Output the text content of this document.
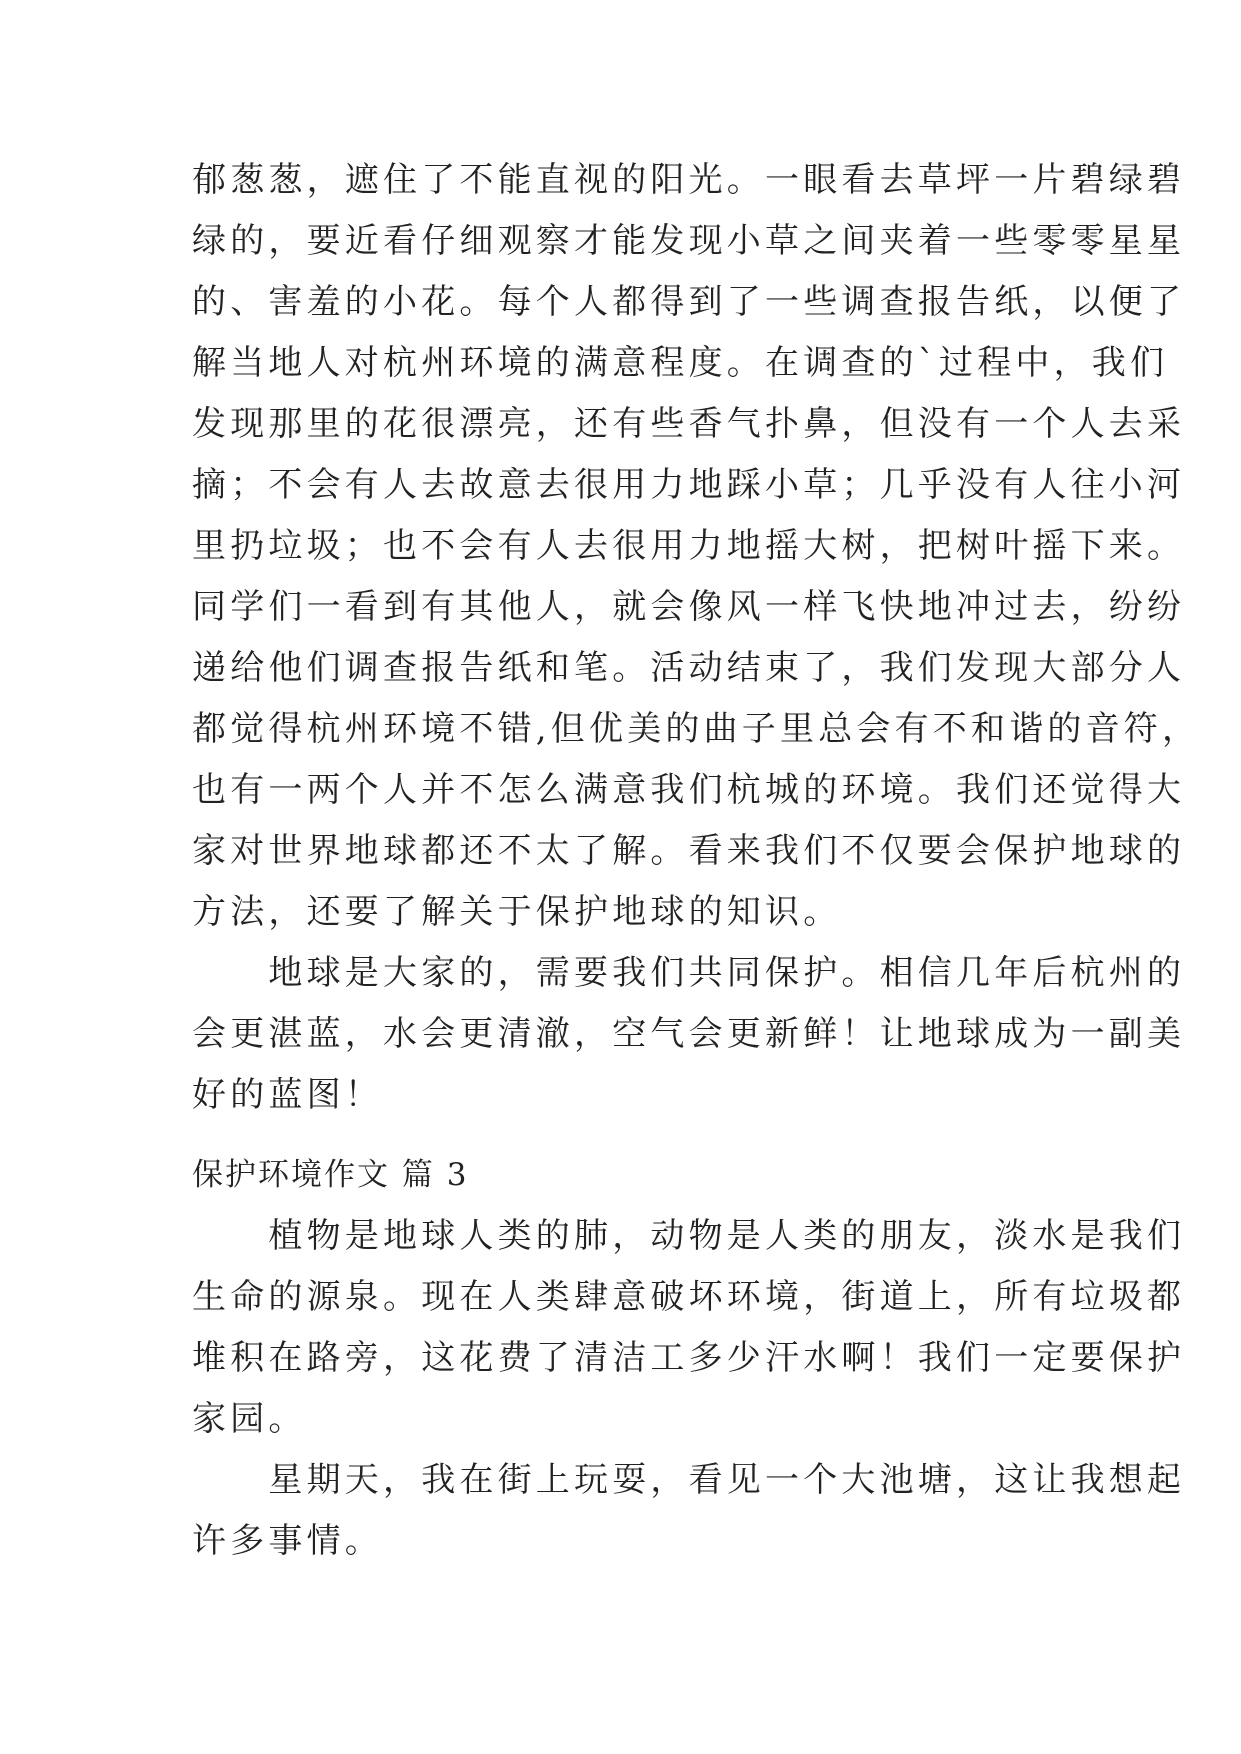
郁葱葱，遮住了不能直视的阳光。一眼看去草坪一片碧绿碧
绿的，要近看仔细观察才能发现小草之间夹着一些零零星星
的、害羞的小花。每个人都得到了一些调查报告纸，以便了
解当地人对杭州环境的满意程度。在调查的`过程中，我们
发现那里的花很漂亮，还有些香气扑鼻，但没有一个人去采
摘；不会有人去故意去很用力地踩小草；几乎没有人往小河
里扔垃圾；也不会有人去很用力地摇大树，把树叶摇下来。
同学们一看到有其他人，就会像风一样飞快地冲过去，纷纷
递给他们调查报告纸和笔。活动结束了，我们发现大部分人
都觉得杭州环境不错,但优美的曲子里总会有不和谐的音符，
也有一两个人并不怎么满意我们杭城的环境。我们还觉得大
家对世界地球都还不太了解。看来我们不仅要会保护地球的
方法，还要了解关于保护地球的知识。
　　地球是大家的，需要我们共同保护。相信几年后杭州的
会更湛蓝，水会更清澈，空气会更新鲜！让地球成为一副美
好的蓝图！
保护环境作文 篇 3
　　植物是地球人类的肺，动物是人类的朋友，淡水是我们
生命的源泉。现在人类肆意破坏环境，街道上，所有垃圾都
堆积在路旁，这花费了清洁工多少汗水啊！我们一定要保护
家园。
　　星期天，我在街上玩耍，看见一个大池塘，这让我想起
许多事情。
